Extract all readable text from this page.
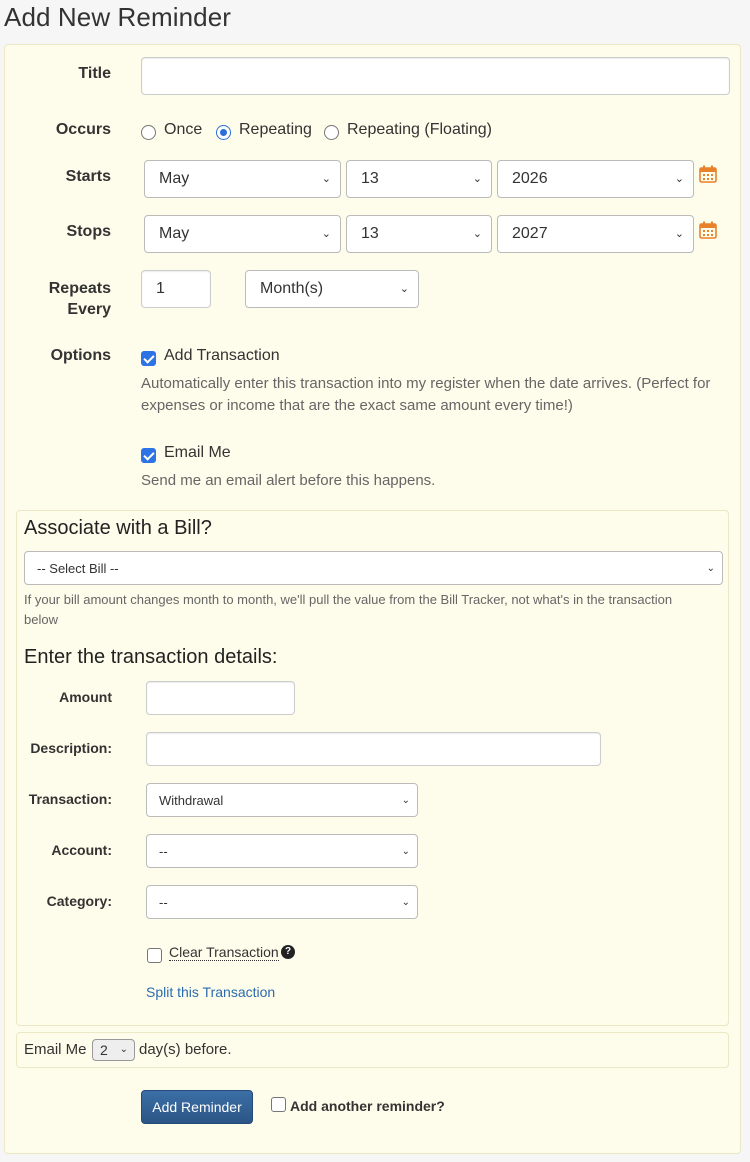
Add New Reminder
Title
Occurs	Once Repeating Repeating (Floating)
Starts	May	⌄	13	⌄	2026	⌄
Stops	May	⌄	13	⌄	2027	⌄
Repeats
Every
1	Month(s)	⌄
Options	Add Transaction
Automatically enter this transaction into my register when the date arrives. (Perfect for
expenses or income that are the exact same amount every time!)
Email Me
Send me an email alert before this happens.
Associate with a Bill?
-- Select Bill --	⌄
If your bill amount changes month to month, we'll pull the value from the Bill Tracker, not what's in the transaction
below
Enter the transaction details:
Amount
Description:
Transaction:	Withdrawal	⌄
Account:	--	⌄
Category:	--	⌄
Clear Transaction ?
Split this Transaction
Email Me 2 ⌄ day(s) before.
Add Reminder	Add another reminder?
